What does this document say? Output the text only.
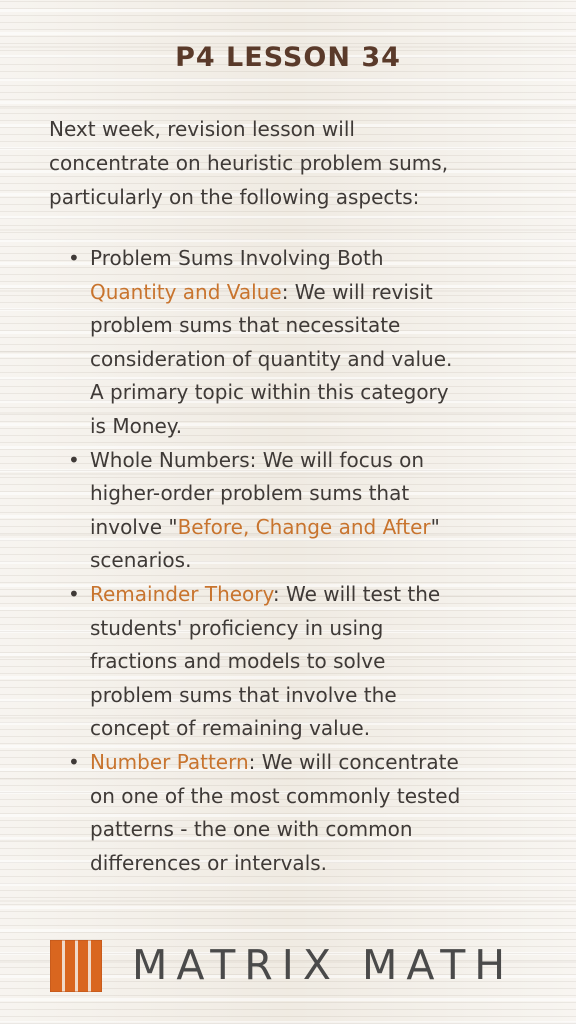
P4 LESSON 34
Next week, revision lesson will
concentrate on heuristic problem sums,
particularly on the following aspects:
• Problem Sums Involving Both
Quantity and Value: We will revisit
problem sums that necessitate
consideration of quantity and value.
A primary topic within this category
is Money.
• Whole Numbers: We will focus on
higher-order problem sums that
involve "Before, Change and After"
scenarios.
• Remainder Theory: We will test the
students' proficiency in using
fractions and models to solve
problem sums that involve the
concept of remaining value.
• Number Pattern: We will concentrate
on one of the most commonly tested
patterns - the one with common
differences or intervals.
MATRIX MATH
